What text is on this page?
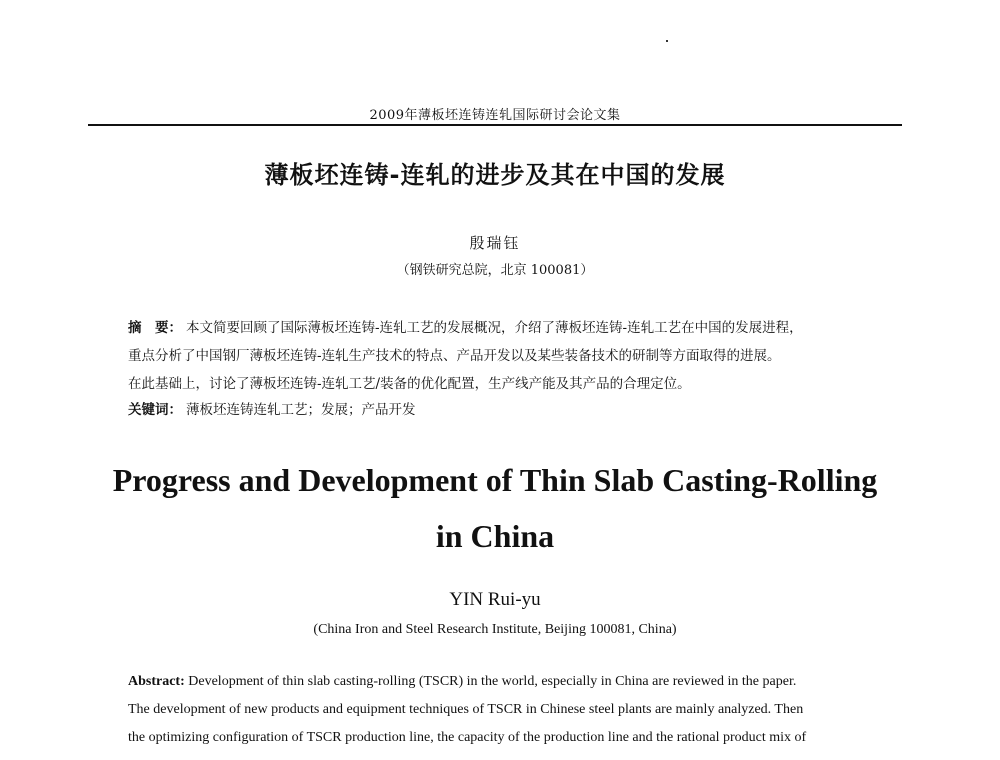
2009年薄板坯连铸连轧国际研讨会论文集
薄板坯连铸-连轧的进步及其在中国的发展
殷瑞钰
（钢铁研究总院，北京 100081）
摘　要： 本文简要回顾了国际薄板坯连铸-连轧工艺的发展概况，介绍了薄板坯连铸-连轧工艺在中国的发展进程，
重点分析了中国钢厂薄板坯连铸-连轧生产技术的特点、产品开发以及某些装备技术的研制等方面取得的进展。
在此基础上，讨论了薄板坯连铸-连轧工艺/装备的优化配置，生产线产能及其产品的合理定位。
关键词： 薄板坯连铸连轧工艺；发展；产品开发
Progress and Development of Thin Slab Casting-Rolling
in China
YIN Rui-yu
(China Iron and Steel Research Institute, Beijing 100081, China)
Abstract: Development of thin slab casting-rolling (TSCR) in the world, especially in China are reviewed in the paper.
The development of new products and equipment techniques of TSCR in Chinese steel plants are mainly analyzed. Then
the optimizing configuration of TSCR production line, the capacity of the production line and the rational product mix of
